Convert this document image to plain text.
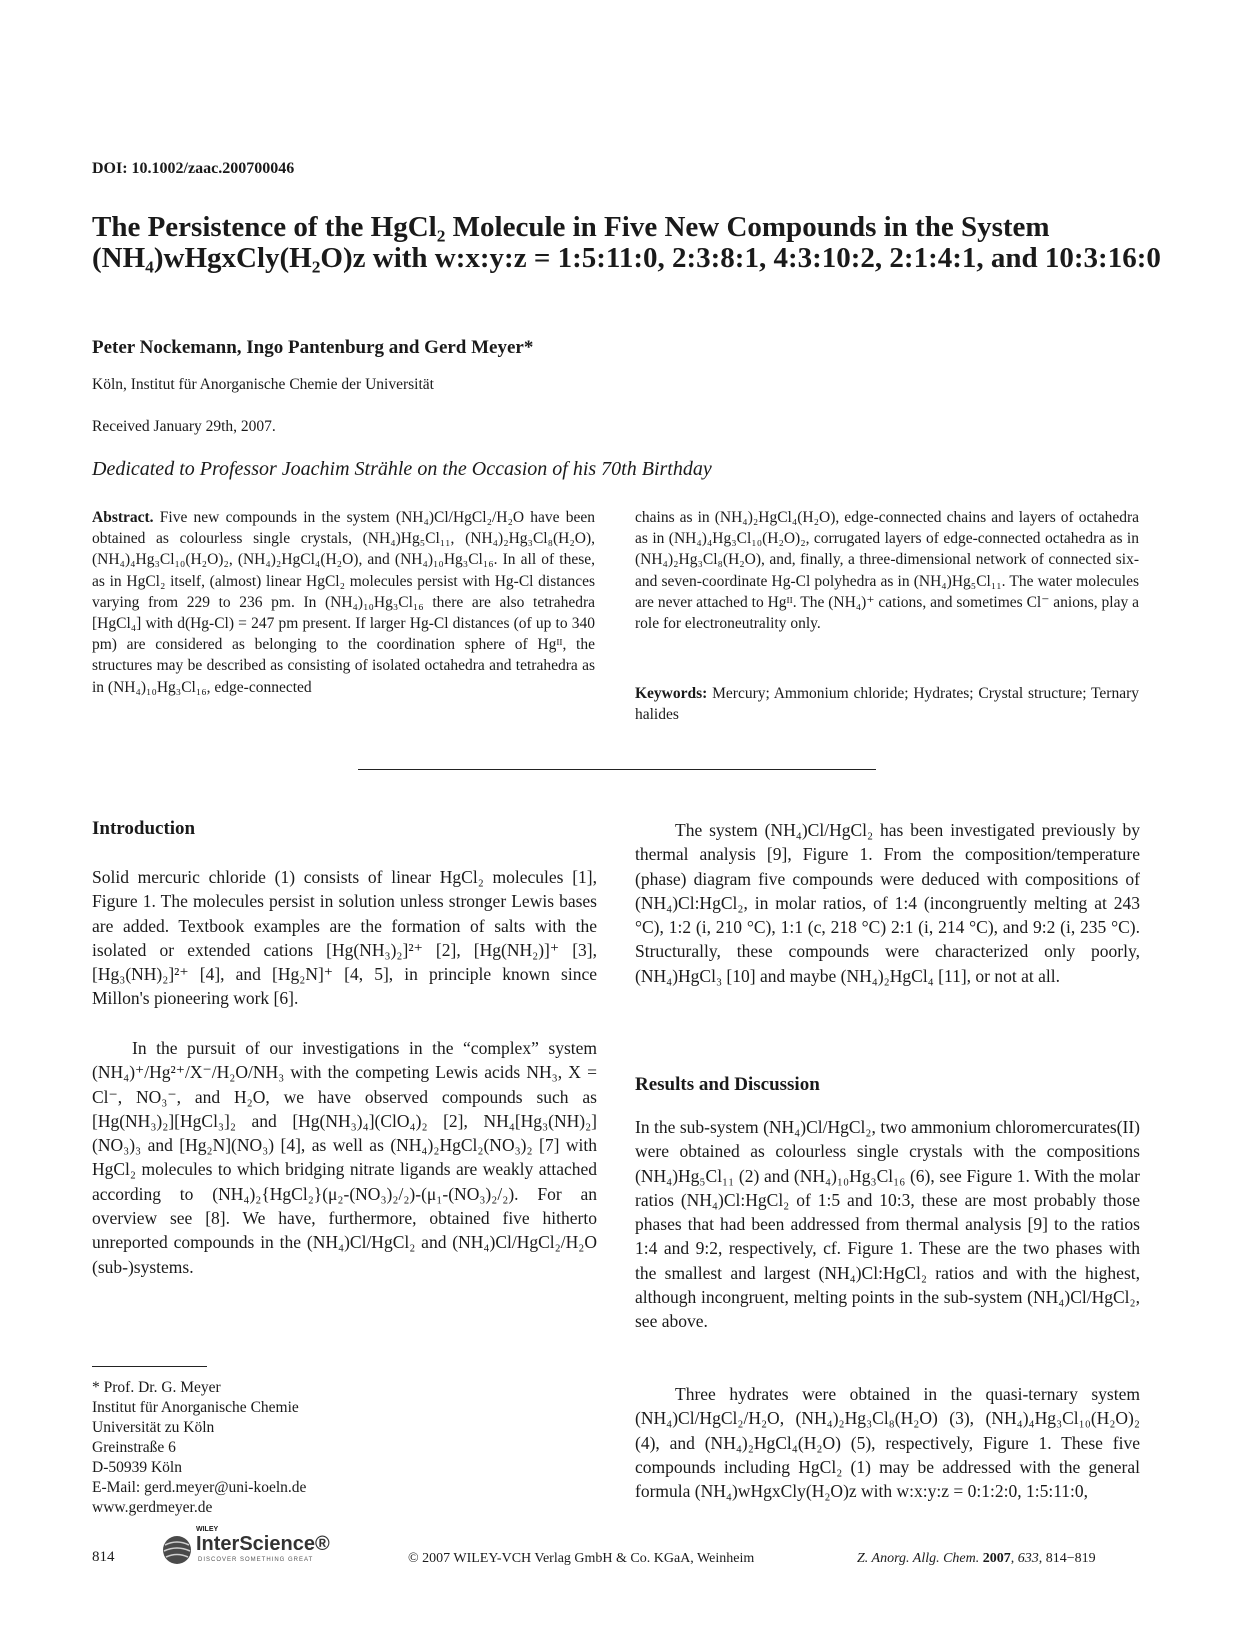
DOI: 10.1002/zaac.200700046
The Persistence of the HgCl₂ Molecule in Five New Compounds in the System (NH₄)wHgxCly(H₂O)z with w:x:y:z = 1:5:11:0, 2:3:8:1, 4:3:10:2, 2:1:4:1, and 10:3:16:0
Peter Nockemann, Ingo Pantenburg and Gerd Meyer*
Köln, Institut für Anorganische Chemie der Universität
Received January 29th, 2007.
Dedicated to Professor Joachim Strähle on the Occasion of his 70th Birthday
Abstract. Five new compounds in the system (NH₄)Cl/HgCl₂/H₂O have been obtained as colourless single crystals, (NH₄)Hg₅Cl₁₁, (NH₄)₂Hg₃Cl₈(H₂O), (NH₄)₄Hg₃Cl₁₀(H₂O)₂, (NH₄)₂HgCl₄(H₂O), and (NH₄)₁₀Hg₃Cl₁₆. In all of these, as in HgCl₂ itself, (almost) linear HgCl₂ molecules persist with Hg-Cl distances varying from 229 to 236 pm. In (NH₄)₁₀Hg₃Cl₁₆ there are also tetrahedra [HgCl₄] with d(Hg-Cl) = 247 pm present. If larger Hg-Cl distances (of up to 340 pm) are considered as belonging to the coordination sphere of Hgᴵᴵ, the structures may be described as consisting of isolated octahedra and tetrahedra as in (NH₄)₁₀Hg₃Cl₁₆, edge-connected
chains as in (NH₄)₂HgCl₄(H₂O), edge-connected chains and layers of octahedra as in (NH₄)₄Hg₃Cl₁₀(H₂O)₂, corrugated layers of edge-connected octahedra as in (NH₄)₂Hg₃Cl₈(H₂O), and, finally, a three-dimensional network of connected six- and seven-coordinate Hg-Cl polyhedra as in (NH₄)Hg₅Cl₁₁. The water molecules are never attached to Hgᴵᴵ. The (NH₄)⁺ cations, and sometimes Cl⁻ anions, play a role for electroneutrality only.
Keywords: Mercury; Ammonium chloride; Hydrates; Crystal structure; Ternary halides
Introduction
Solid mercuric chloride (1) consists of linear HgCl₂ molecules [1], Figure 1. The molecules persist in solution unless stronger Lewis bases are added. Textbook examples are the formation of salts with the isolated or extended cations [Hg(NH₃)₂]²⁺ [2], [Hg(NH₂)]⁺ [3], [Hg₃(NH)₂]²⁺ [4], and [Hg₂N]⁺ [4, 5], in principle known since Millon's pioneering work [6].
In the pursuit of our investigations in the “complex” system (NH₄)⁺/Hg²⁺/X⁻/H₂O/NH₃ with the competing Lewis acids NH₃, X = Cl⁻, NO₃⁻, and H₂O, we have observed compounds such as [Hg(NH₃)₂][HgCl₃]₂ and [Hg(NH₃)₄](ClO₄)₂ [2], NH₄[Hg₃(NH)₂](NO₃)₃ and [Hg₂N](NO₃) [4], as well as (NH₄)₂HgCl₂(NO₃)₂ [7] with HgCl₂ molecules to which bridging nitrate ligands are weakly attached according to (NH₄)₂{HgCl₂}(μ₂-(NO₃)₂/₂)-(μ₁-(NO₃)₂/₂). For an overview see [8]. We have, furthermore, obtained five hitherto unreported compounds in the (NH₄)Cl/HgCl₂ and (NH₄)Cl/HgCl₂/H₂O (sub-)systems.
The system (NH₄)Cl/HgCl₂ has been investigated previously by thermal analysis [9], Figure 1. From the composition/temperature (phase) diagram five compounds were deduced with compositions of (NH₄)Cl:HgCl₂, in molar ratios, of 1:4 (incongruently melting at 243 °C), 1:2 (i, 210 °C), 1:1 (c, 218 °C) 2:1 (i, 214 °C), and 9:2 (i, 235 °C). Structurally, these compounds were characterized only poorly, (NH₄)HgCl₃ [10] and maybe (NH₄)₂HgCl₄ [11], or not at all.
Results and Discussion
In the sub-system (NH₄)Cl/HgCl₂, two ammonium chloromercurates(II) were obtained as colourless single crystals with the compositions (NH₄)Hg₅Cl₁₁ (2) and (NH₄)₁₀Hg₃Cl₁₆ (6), see Figure 1. With the molar ratios (NH₄)Cl:HgCl₂ of 1:5 and 10:3, these are most probably those phases that had been addressed from thermal analysis [9] to the ratios 1:4 and 9:2, respectively, cf. Figure 1. These are the two phases with the smallest and largest (NH₄)Cl:HgCl₂ ratios and with the highest, although incongruent, melting points in the sub-system (NH₄)Cl/HgCl₂, see above.
Three hydrates were obtained in the quasi-ternary system (NH₄)Cl/HgCl₂/H₂O, (NH₄)₂Hg₃Cl₈(H₂O) (3), (NH₄)₄Hg₃Cl₁₀(H₂O)₂ (4), and (NH₄)₂HgCl₄(H₂O) (5), respectively, Figure 1. These five compounds including HgCl₂ (1) may be addressed with the general formula (NH₄)wHgxCly(H₂O)z with w:x:y:z = 0:1:2:0, 1:5:11:0,
* Prof. Dr. G. Meyer
Institut für Anorganische Chemie
Universität zu Köln
Greinstraße 6
D-50939 Köln
E-Mail: gerd.meyer@uni-koeln.de
www.gerdmeyer.de
814
WILEY
InterScience®
DISCOVER SOMETHING GREAT	© 2007 WILEY-VCH Verlag GmbH & Co. KGaA, Weinheim	Z. Anorg. Allg. Chem. 2007, 633, 814−819
